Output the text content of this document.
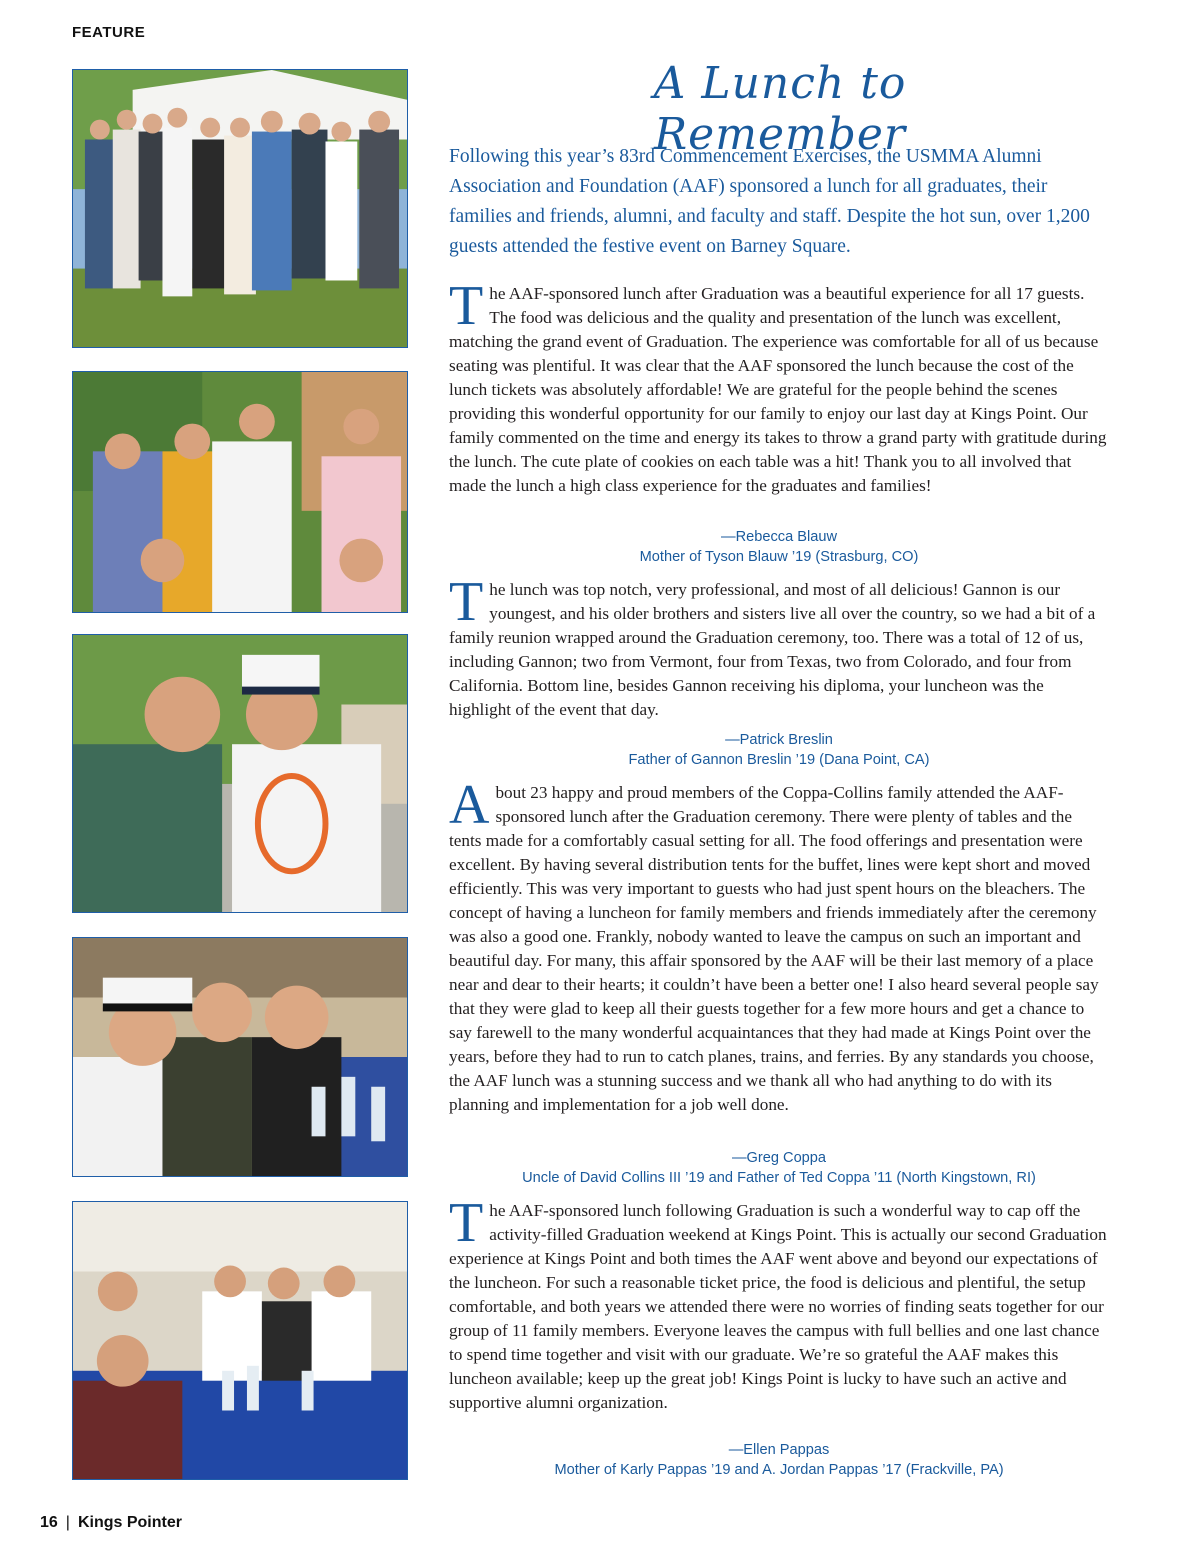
FEATURE
A Lunch to Remember

Following this year’s 83rd Commencement Exercises, the USMMA Alumni Association and Foundation (AAF) sponsored a lunch for all graduates, their families and friends, alumni, and faculty and staff. Despite the hot sun, over 1,200 guests attended the festive event on Barney Square.

The AAF-sponsored lunch after Graduation was a beautiful experience for all 17 guests. The food was delicious and the quality and presentation of the lunch was excellent, matching the grand event of Graduation. The experience was comfortable for all of us because seating was plentiful. It was clear that the AAF sponsored the lunch because the cost of the lunch tickets was absolutely affordable! We are grateful for the people behind the scenes providing this wonderful opportunity for our family to enjoy our last day at Kings Point. Our family commented on the time and energy its takes to throw a grand party with gratitude during the lunch. The cute plate of cookies on each table was a hit! Thank you to all involved that made the lunch a high class experience for the graduates and families!

—Rebecca Blauw
Mother of Tyson Blauw ’19 (Strasburg, CO)

The lunch was top notch, very professional, and most of all delicious! Gannon is our youngest, and his older brothers and sisters live all over the country, so we had a bit of a family reunion wrapped around the Graduation ceremony, too. There was a total of 12 of us, including Gannon; two from Vermont, four from Texas, two from Colorado, and four from California. Bottom line, besides Gannon receiving his diploma, your luncheon was the highlight of the event that day.

—Patrick Breslin
Father of Gannon Breslin ’19 (Dana Point, CA)

About 23 happy and proud members of the Coppa-Collins family attended the AAF-sponsored lunch after the Graduation ceremony. There were plenty of tables and the tents made for a comfortably casual setting for all. The food offerings and presentation were excellent. By having several distribution tents for the buffet, lines were kept short and moved efficiently. This was very important to guests who had just spent hours on the bleachers. The concept of having a luncheon for family members and friends immediately after the ceremony was also a good one. Frankly, nobody wanted to leave the campus on such an important and beautiful day. For many, this affair sponsored by the AAF will be their last memory of a place near and dear to their hearts; it couldn’t have been a better one! I also heard several people say that they were glad to keep all their guests together for a few more hours and get a chance to say farewell to the many wonderful acquaintances that they had made at Kings Point over the years, before they had to run to catch planes, trains, and ferries. By any standards you choose, the AAF lunch was a stunning success and we thank all who had anything to do with its planning and implementation for a job well done.

—Greg Coppa
Uncle of David Collins III ’19 and Father of Ted Coppa ’11 (North Kingstown, RI)

The AAF-sponsored lunch following Graduation is such a wonderful way to cap off the activity-filled Graduation weekend at Kings Point. This is actually our second Graduation experience at Kings Point and both times the AAF went above and beyond our expectations of the luncheon. For such a reasonable ticket price, the food is delicious and plentiful, the setup comfortable, and both years we attended there were no worries of finding seats together for our group of 11 family members. Everyone leaves the campus with full bellies and one last chance to spend time together and visit with our graduate. We’re so grateful the AAF makes this luncheon available; keep up the great job! Kings Point is lucky to have such an active and supportive alumni organization.

—Ellen Pappas
Mother of Karly Pappas ’19 and A. Jordan Pappas ’17 (Frackville, PA)
16 | Kings Pointer
